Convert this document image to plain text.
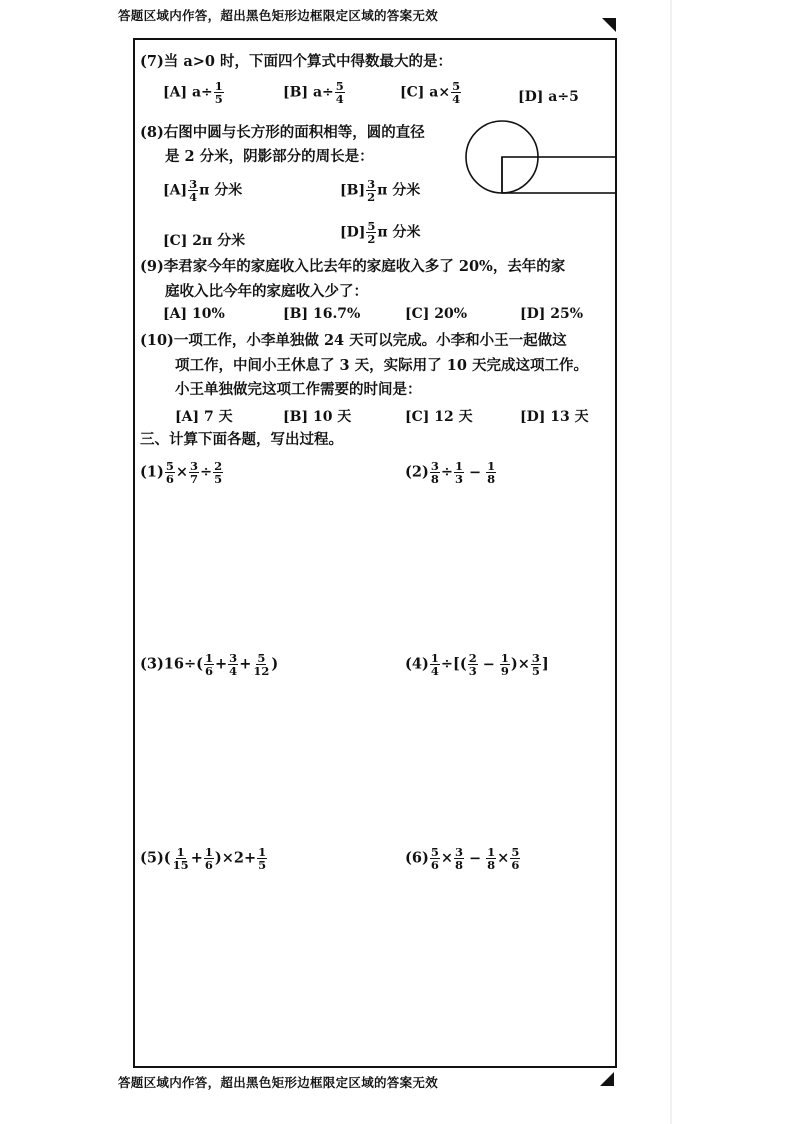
答题区域内作答，超出黑色矩形边框限定区域的答案无效
(7)当 a>0 时，下面四个算式中得数最大的是：
[A] $a\div \frac{1}{5}$	[B] $a\div \frac{5}{4}$	[C] $a\times \frac{5}{4}$	[D] a÷5
(8)右图中圆与长方形的面积相等，圆的直径
是 2 分米，阴影部分的周长是：
$[A] \frac{3}{4}$ π 分米	$[B] \frac{3}{2}$ π 分米
[C] 2π 分米
$[D] \frac{5}{2}$ π 分米
(9)李君家今年的家庭收入比去年的家庭收入多了 20%，去年的家
庭收入比今年的家庭收入少了：
[A] 10%	[B] 16.7%	[C] 20%	[D] 25%
(10)一项工作，小李单独做 24 天可以完成。小李和小王一起做这
项工作，中间小王休息了 3 天，实际用了 10 天完成这项工作。
小王单独做完这项工作需要的时间是：
[A] 7 天	[B] 10 天	[C] 12 天	[D] 13 天
三、计算下面各题，写出过程。
$(1) \frac{5}{6} \times \frac{3}{7} \div \frac{2}{5}$	$(2) \frac{3}{8} \div \frac{1}{3} - \frac{1}{8}$
$(3)16\div( \frac{1}{6} + \frac{3}{4} + \frac{5}{12}$ )	$(4) \frac{1}{4}$ ÷[( $\frac{2}{3} - \frac{1}{9}$ )× $\frac{3}{5}$ ]
$(5)( \frac{1}{15} + \frac{1}{6} )\times 2+ \frac{1}{5}$	$(6) \frac{5}{6} \times \frac{3}{8} - \frac{1}{8} \times \frac{5}{6}$
答题区域内作答，超出黑色矩形边框限定区域的答案无效
